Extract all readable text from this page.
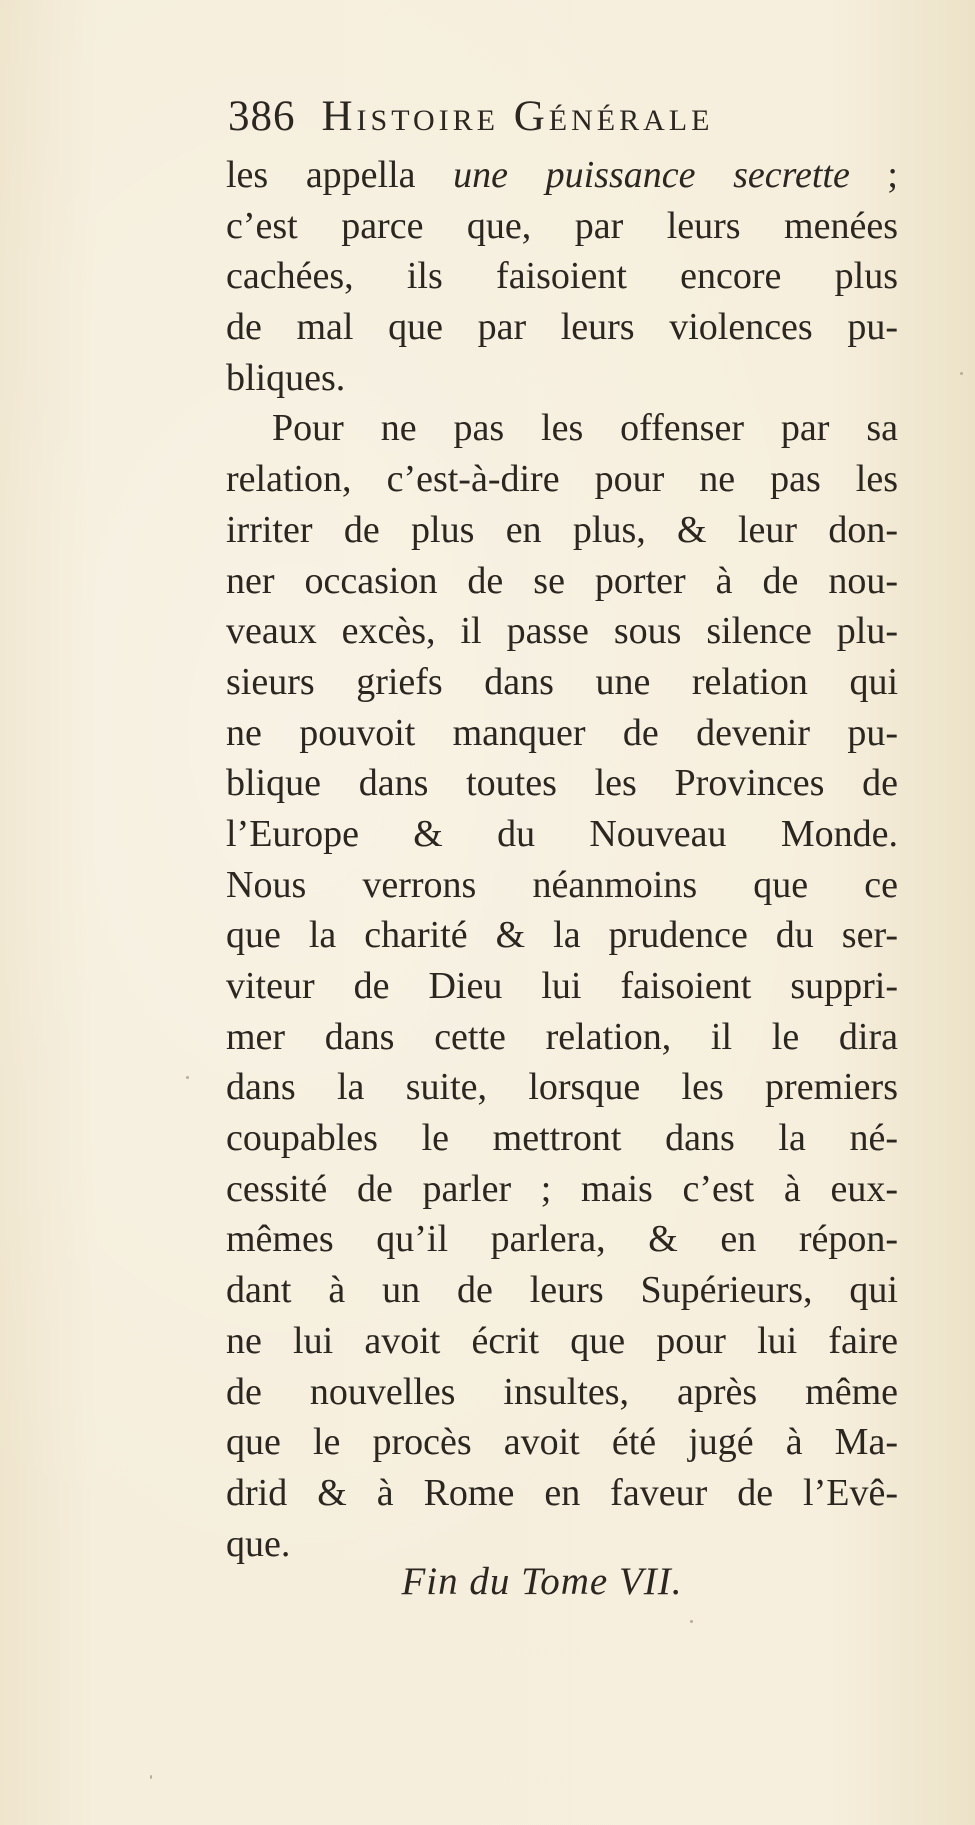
386 Histoire Générale
les appella une puissance secrette ;
c’est parce que, par leurs menées
cachées, ils faisoient encore plus
de mal que par leurs violences pu-
bliques.
Pour ne pas les offenser par sa
relation, c’est-à-dire pour ne pas les
irriter de plus en plus, & leur don-
ner occasion de se porter à de nou-
veaux excès, il passe sous silence plu-
sieurs griefs dans une relation qui
ne pouvoit manquer de devenir pu-
blique dans toutes les Provinces de
l’Europe & du Nouveau Monde.
Nous verrons néanmoins que ce
que la charité & la prudence du ser-
viteur de Dieu lui faisoient suppri-
mer dans cette relation, il le dira
dans la suite, lorsque les premiers
coupables le mettront dans la né-
cessité de parler ; mais c’est à eux-
mêmes qu’il parlera, & en répon-
dant à un de leurs Supérieurs, qui
ne lui avoit écrit que pour lui faire
de nouvelles insultes, après même
que le procès avoit été jugé à Ma-
drid & à Rome en faveur de l’Evê-
que.
Fin du Tome VII.
